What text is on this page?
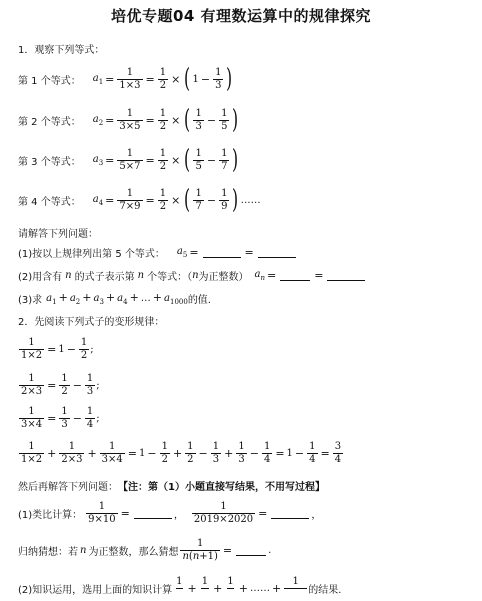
培优专题04 有理数运算中的规律探究
1．观察下列等式：
第 1 个等式： $a_1 = \frac{1}{1\times 3} = \frac{1}{2}$ × ( $1 - \frac{1}{3}$ )
第 2 个等式： $a_2 = \frac{1}{3\times 5} = \frac{1}{2}$ × ( $\frac{1}{3} - \frac{1}{5}$ )
第 3 个等式： $a_3 = \frac{1}{5\times 7} = \frac{1}{2}$ × ( $\frac{1}{5} - \frac{1}{7}$ )
第 4 个等式： $a_4 = \frac{1}{7\times 9} = \frac{1}{2}$ × ( $\frac{1}{7} - \frac{1}{9}$ ) ……
请解答下列问题：
(1)按以上规律列出第 5 个等式： $a_5$ =	=
(2)用含有 n 的式子表示第 n 个等式：（ n 为正整数） $a_n$ =	=
(3)求 $a_1 + a_2 + a_3 + a_4$ + … + $a_{1000}$ 的值.
2．先阅读下列式子的变形规律：
$\frac{1}{1\times 2} = 1 - \frac{1}{2}$ ;
$\frac{1}{2\times 3} = \frac{1}{2} - \frac{1}{3}$ ;
$\frac{1}{3\times 4} = \frac{1}{3} - \frac{1}{4}$ ;
$\frac{1}{1\times 2} + \frac{1}{2\times 3} + \frac{1}{3\times 4} = 1 - \frac{1}{2} + \frac{1}{2} - \frac{1}{3} + \frac{1}{3} - \frac{1}{4} = 1 - \frac{1}{4} = \frac{3}{4}$
然后再解答下列问题： 【注：第（1）小题直接写结果，不用写过程】
(1)类比计算： $\frac{1}{9\times 10}$ =	， $\frac{1}{2019\times 2020}$ =	，
归纳猜想：若 n 为正整数，那么猜想 $\frac{1}{n(n+1)}$ =	.
(2)知识运用，选用上面的知识计算
1

+
1

+
1

+ …… +
1

的结果.
